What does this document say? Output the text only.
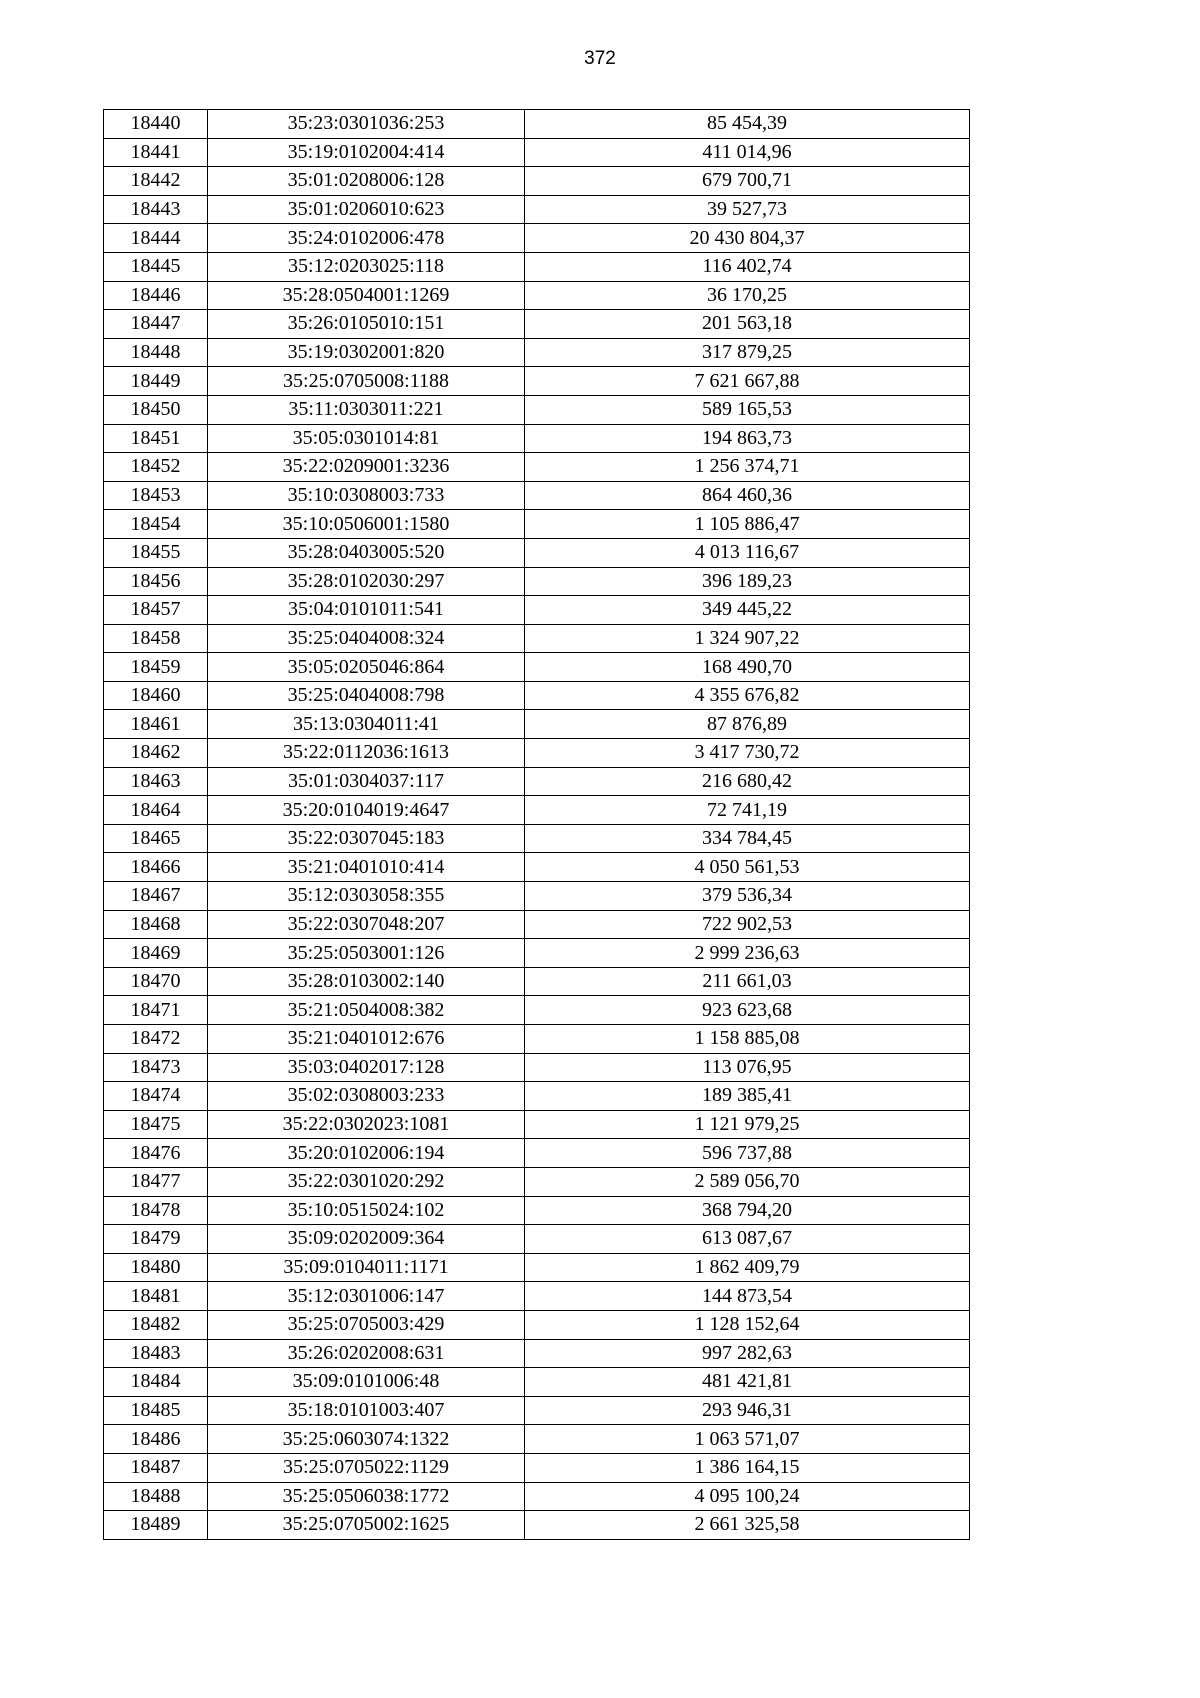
372
18440	35:23:0301036:253	85 454,39
18441	35:19:0102004:414	411 014,96
18442	35:01:0208006:128	679 700,71
18443	35:01:0206010:623	39 527,73
18444	35:24:0102006:478	20 430 804,37
18445	35:12:0203025:118	116 402,74
18446	35:28:0504001:1269	36 170,25
18447	35:26:0105010:151	201 563,18
18448	35:19:0302001:820	317 879,25
18449	35:25:0705008:1188	7 621 667,88
18450	35:11:0303011:221	589 165,53
18451	35:05:0301014:81	194 863,73
18452	35:22:0209001:3236	1 256 374,71
18453	35:10:0308003:733	864 460,36
18454	35:10:0506001:1580	1 105 886,47
18455	35:28:0403005:520	4 013 116,67
18456	35:28:0102030:297	396 189,23
18457	35:04:0101011:541	349 445,22
18458	35:25:0404008:324	1 324 907,22
18459	35:05:0205046:864	168 490,70
18460	35:25:0404008:798	4 355 676,82
18461	35:13:0304011:41	87 876,89
18462	35:22:0112036:1613	3 417 730,72
18463	35:01:0304037:117	216 680,42
18464	35:20:0104019:4647	72 741,19
18465	35:22:0307045:183	334 784,45
18466	35:21:0401010:414	4 050 561,53
18467	35:12:0303058:355	379 536,34
18468	35:22:0307048:207	722 902,53
18469	35:25:0503001:126	2 999 236,63
18470	35:28:0103002:140	211 661,03
18471	35:21:0504008:382	923 623,68
18472	35:21:0401012:676	1 158 885,08
18473	35:03:0402017:128	113 076,95
18474	35:02:0308003:233	189 385,41
18475	35:22:0302023:1081	1 121 979,25
18476	35:20:0102006:194	596 737,88
18477	35:22:0301020:292	2 589 056,70
18478	35:10:0515024:102	368 794,20
18479	35:09:0202009:364	613 087,67
18480	35:09:0104011:1171	1 862 409,79
18481	35:12:0301006:147	144 873,54
18482	35:25:0705003:429	1 128 152,64
18483	35:26:0202008:631	997 282,63
18484	35:09:0101006:48	481 421,81
18485	35:18:0101003:407	293 946,31
18486	35:25:0603074:1322	1 063 571,07
18487	35:25:0705022:1129	1 386 164,15
18488	35:25:0506038:1772	4 095 100,24
18489	35:25:0705002:1625	2 661 325,58
